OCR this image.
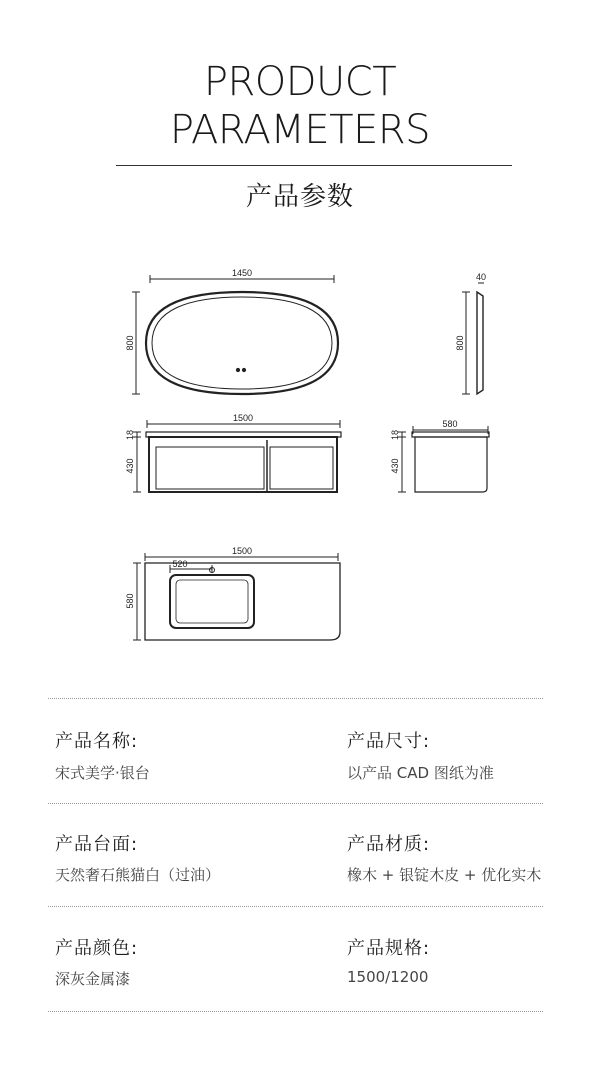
PRODUCT
PARAMETERS
产品参数
1450
800	800
40
1500
18
430
580
18
430
1500
520
580
产品名称:	产品尺寸:
宋式美学·银台	以产品 CAD 图纸为准
产品台面:	产品材质:
天然奢石熊猫白（过油）	橡木 + 银锭木皮 + 优化实木
产品颜色:	产品规格:
深灰金属漆	1500/1200
